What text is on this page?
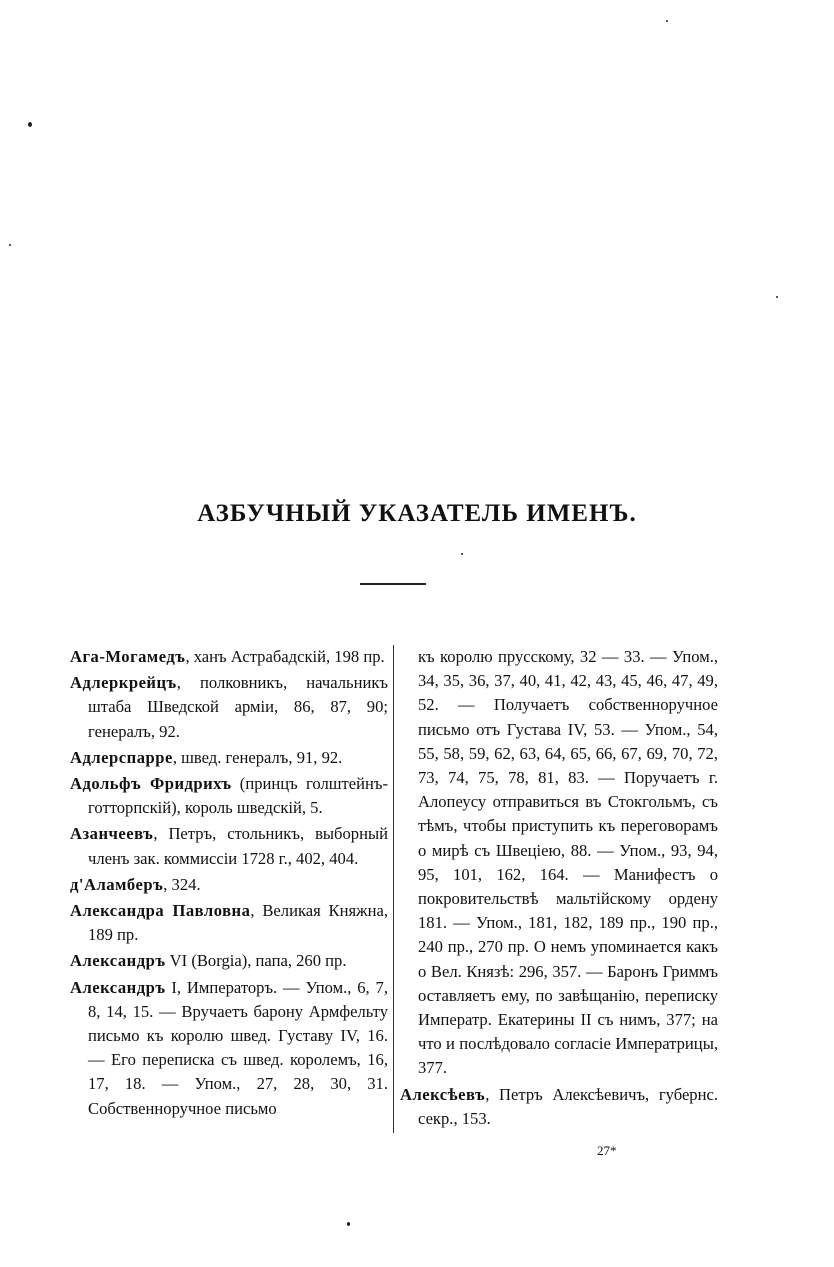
АЗБУЧНЫЙ УКАЗАТЕЛЬ ИМЕНЪ.

Ага-Могамедъ, ханъ Астрабадскій, 198 пр.

Адлеркрейцъ, полковникъ, начальникъ штаба Шведской арміи, 86, 87, 90; генералъ, 92.

Адлерспарре, швед. генералъ, 91, 92.

Адольфъ Фридрихъ (принцъ голштейнъ-готторпскій), король шведскій, 5.

Азанчеевъ, Петръ, стольникъ, выборный членъ зак. коммиссіи 1728 г., 402, 404.

д'Аламберъ, 324.

Александра Павловна, Великая Княжна, 189 пр.

Александръ VI (Borgia), папа, 260 пр.

Александръ I, Императоръ. — Упом., 6, 7, 8, 14, 15. — Вручаетъ барону Армфельту письмо къ королю швед. Густаву IV, 16. — Его переписка съ швед. королемъ, 16, 17, 18. — Упом., 27, 28, 30, 31. Собственноручное письмо

къ королю прусскому, 32 — 33. — Упом., 34, 35, 36, 37, 40, 41, 42, 43, 45, 46, 47, 49, 52. — Получаетъ собственноручное письмо отъ Густава IV, 53. — Упом., 54, 55, 58, 59, 62, 63, 64, 65, 66, 67, 69, 70, 72, 73, 74, 75, 78, 81, 83. — Поручаетъ г. Алопеусу отправиться въ Стокгольмъ, съ тѣмъ, чтобы приступить къ переговорамъ о мирѣ съ Швеціею, 88. — Упом., 93, 94, 95, 101, 162, 164. — Манифестъ о покровительствѣ мальтійскому ордену 181. — Упом., 181, 182, 189 пр., 190 пр., 240 пр., 270 пр. О немъ упоминается какъ о Вел. Князѣ: 296, 357. — Баронъ Гриммъ оставляетъ ему, по завѣщанію, переписку Императр. Екатерины II съ нимъ, 377; на что и послѣдовало согласіе Императрицы, 377.

Алексѣевъ, Петръ Алексѣевичъ, губернс. секр., 153.

27*
